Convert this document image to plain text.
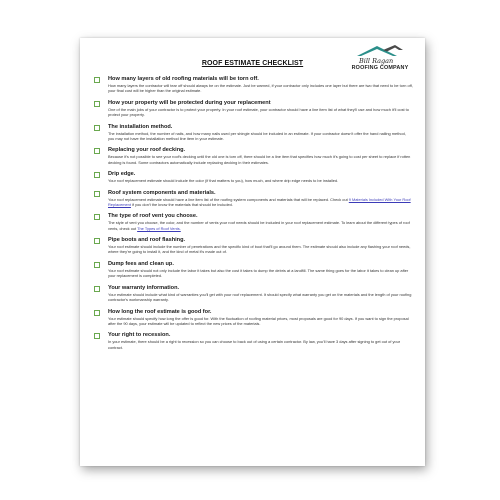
Bill Ragan
ROOFING COMPANY
ROOF ESTIMATE CHECKLIST
How many layers of old roofing materials will be torn off.
How many layers the contractor will tear off should always be on the estimate. Just be warned, if your contractor only includes one layer but there are two that need to be torn off, your final cost will be higher than the original estimate.
How your property will be protected during your replacement
One of the main jobs of your contractor is to protect your property. In your roof estimate, your contractor should have a line item list of what they'll use and how much it'll cost to protect your property.
The installation method.
The installation method, the number of nails, and how many nails used per shingle should be included in an estimate. If your contractor doesn't offer the hand nailing method, you may not have the installation method line item in your estimate.
Replacing your roof decking.
Because it's not possible to see your roof's decking until the old one is torn off, there should be a line item that specifies how much it's going to cost per sheet to replace if rotten decking is found. Some contractors automatically include replacing decking in their estimates.
Drip edge.
Your roof replacement estimate should include the color (if that matters to you), how much, and where drip edge needs to be installed.
Roof system components and materials.
Your roof replacement estimate should have a line item list of the roofing system components and materials that will be replaced. Check out 9 Materials Included With Your Roof Replacement if you don't the know the materials that should be included.
The type of roof vent you choose.
The style of vent you choose, the color, and the number of vents your roof needs should be included in your roof replacement estimate. To learn about the different types of roof vents, check out The Types of Roof Vents.
Pipe boots and roof flashing.
Your roof estimate should include the number of penetrations and the specific kind of boot that'll go around them. The estimate should also include any flashing your roof needs, where they're going to install it, and the kind of metal it's made out of.
Dump fees and clean up.
Your roof estimate should not only include the labor it takes but also the cost it takes to dump the debris at a landfill. The same thing goes for the labor it takes to clean up after your replacement is completed.
Your warranty information.
Your estimate should include what kind of warranties you'll get with your roof replacement. It should specify what warranty you get on the materials and the length of your roofing contractor's workmanship warranty.
How long the roof estimate is good for.
Your estimate should specify how long the offer is good for. With the fluctuation of roofing material prices, most proposals are good for 90 days. If you want to sign the proposal after the 90 days, your estimate will be updated to reflect the new prices of the materials.
Your right to recession.
In your estimate, there should be a right to recession so you can choose to back out of using a certain contractor. By law, you'll have 3 days after signing to get out of your contract.
